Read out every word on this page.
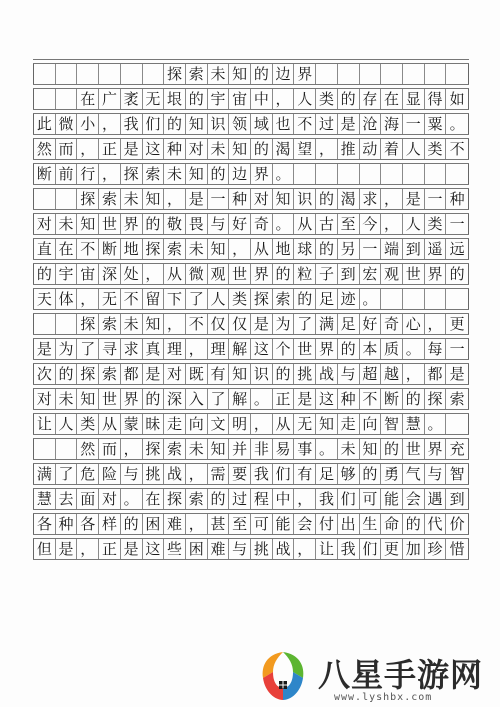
探 索 未 知 的 边 界
在 广 袤 无 垠 的 宇 宙 中 ， 人 类 的 存 在 显 得 如
此 微 小 ， 我 们 的 知 识 领 域 也 不 过 是 沧 海 一 粟 。
然 而 ， 正 是 这 种 对 未 知 的 渴 望 ， 推 动 着 人 类 不
断 前 行 ， 探 索 未 知 的 边 界 。
探 索 未 知 ， 是 一 种 对 知 识 的 渴 求 ， 是 一 种
对 未 知 世 界 的 敬 畏 与 好 奇 。 从 古 至 今 ， 人 类 一
直 在 不 断 地 探 索 未 知 ， 从 地 球 的 另 一 端 到 遥 远
的 宇 宙 深 处 ， 从 微 观 世 界 的 粒 子 到 宏 观 世 界 的
天 体 ， 无 不 留 下 了 人 类 探 索 的 足 迹 。
探 索 未 知 ， 不 仅 仅 是 为 了 满 足 好 奇 心 ， 更
是 为 了 寻 求 真 理 ， 理 解 这 个 世 界 的 本 质 。 每 一
次 的 探 索 都 是 对 既 有 知 识 的 挑 战 与 超 越 ， 都 是
对 未 知 世 界 的 深 入 了 解 。 正 是 这 种 不 断 的 探 索
让 人 类 从 蒙 昧 走 向 文 明 ， 从 无 知 走 向 智 慧 。
然 而 ， 探 索 未 知 并 非 易 事 。 未 知 的 世 界 充
满 了 危 险 与 挑 战 ， 需 要 我 们 有 足 够 的 勇 气 与 智
慧 去 面 对 。 在 探 索 的 过 程 中 ， 我 们 可 能 会 遇 到
各 种 各 样 的 困 难 ， 甚 至 可 能 会 付 出 生 命 的 代 价
但 是 ， 正 是 这 些 困 难 与 挑 战 ， 让 我 们 更 加 珍 惜
八星手游网
www.lyshbx.com
